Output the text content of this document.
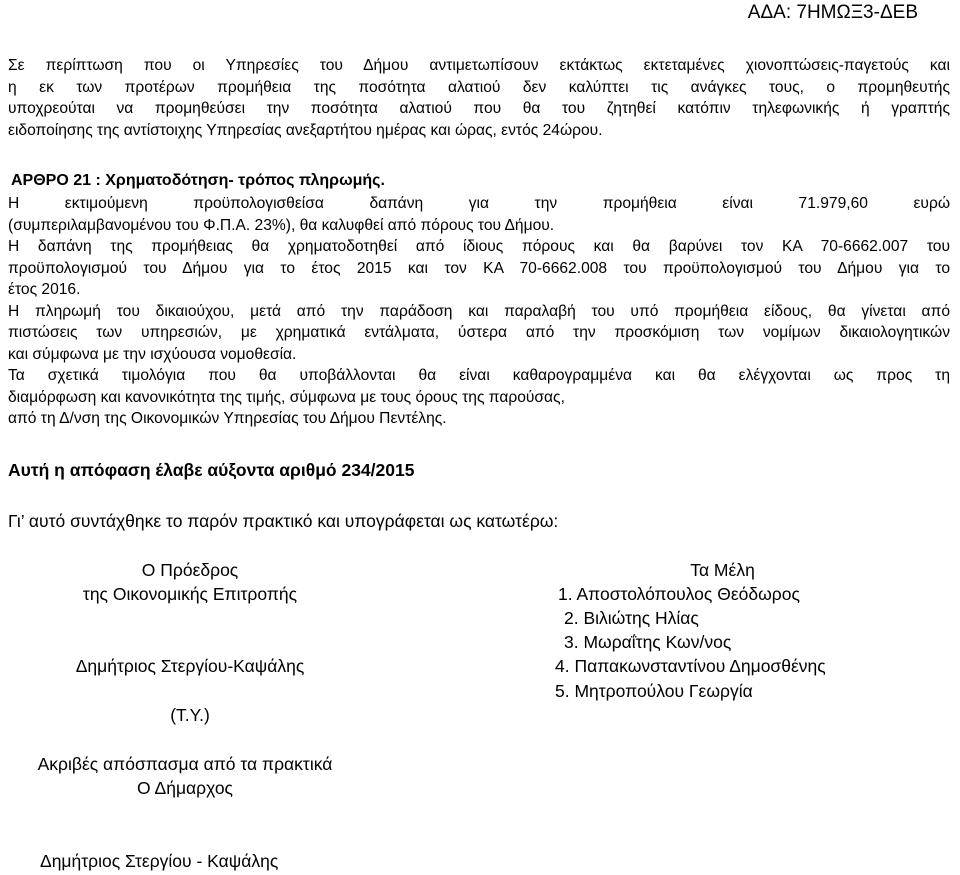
ΑΔΑ: 7ΗΜΩΞ3-ΔΕΒ
Σε περίπτωση που οι Υπηρεσίες του Δήμου αντιμετωπίσουν εκτάκτως εκτεταμένες χιονοπτώσεις-παγετούς και
η εκ των προτέρων προμήθεια της ποσότητα αλατιού δεν καλύπτει τις ανάγκες τους, ο προμηθευτής
υποχρεούται να προμηθεύσει την ποσότητα αλατιού που θα του ζητηθεί κατόπιν τηλεφωνικής ή γραπτής
ειδοποίησης της αντίστοιχης Υπηρεσίας ανεξαρτήτου ημέρας και ώρας, εντός 24ώρου.
ΑΡΘΡΟ 21 : Χρηματοδότηση- τρόπος πληρωμής.
Η εκτιμούμενη προϋπολογισθείσα δαπάνη για την προμήθεια είναι 71.979,60 ευρώ
(συμπεριλαμβανομένου του Φ.Π.Α. 23%), θα καλυφθεί από πόρους του Δήμου.
Η δαπάνη της προμήθειας θα χρηματοδοτηθεί από ίδιους πόρους και θα βαρύνει τον ΚΑ 70-6662.007 του
προϋπολογισμού του Δήμου για το έτος 2015 και τον ΚΑ 70-6662.008 του προϋπολογισμού του Δήμου για το
έτος 2016.
Η πληρωμή του δικαιούχου, μετά από την παράδοση και παραλαβή του υπό προμήθεια είδους, θα γίνεται από
πιστώσεις των υπηρεσιών, με χρηματικά εντάλματα, ύστερα από την προσκόμιση των νομίμων δικαιολογητικών
και σύμφωνα με την ισχύουσα νομοθεσία.
Τα σχετικά τιμολόγια που θα υποβάλλονται θα είναι καθαρογραμμένα και θα ελέγχονται ως προς τη
διαμόρφωση και κανονικότητα της τιμής, σύμφωνα με τους όρους της παρούσας,
από τη Δ/νση της Οικονομικών Υπηρεσίας του Δήμου Πεντέλης.
Αυτή η απόφαση έλαβε αύξοντα αριθμό 234/2015
Γι’ αυτό συντάχθηκε το παρόν πρακτικό και υπογράφεται ως κατωτέρω:
Ο Πρόεδρος
της Οικονομικής Επιτροπής
Δημήτριος Στεργίου-Καψάλης
(Τ.Υ.)
Τα Μέλη
1. Αποστολόπουλος Θεόδωρος
2. Βιλιώτης Ηλίας
3. Μωραΐτης Κων/νος
4. Παπακωνσταντίνου Δημοσθένης
5. Μητροπούλου Γεωργία
Ακριβές απόσπασμα από τα πρακτικά
Ο Δήμαρχος
Δημήτριος Στεργίου - Καψάλης
